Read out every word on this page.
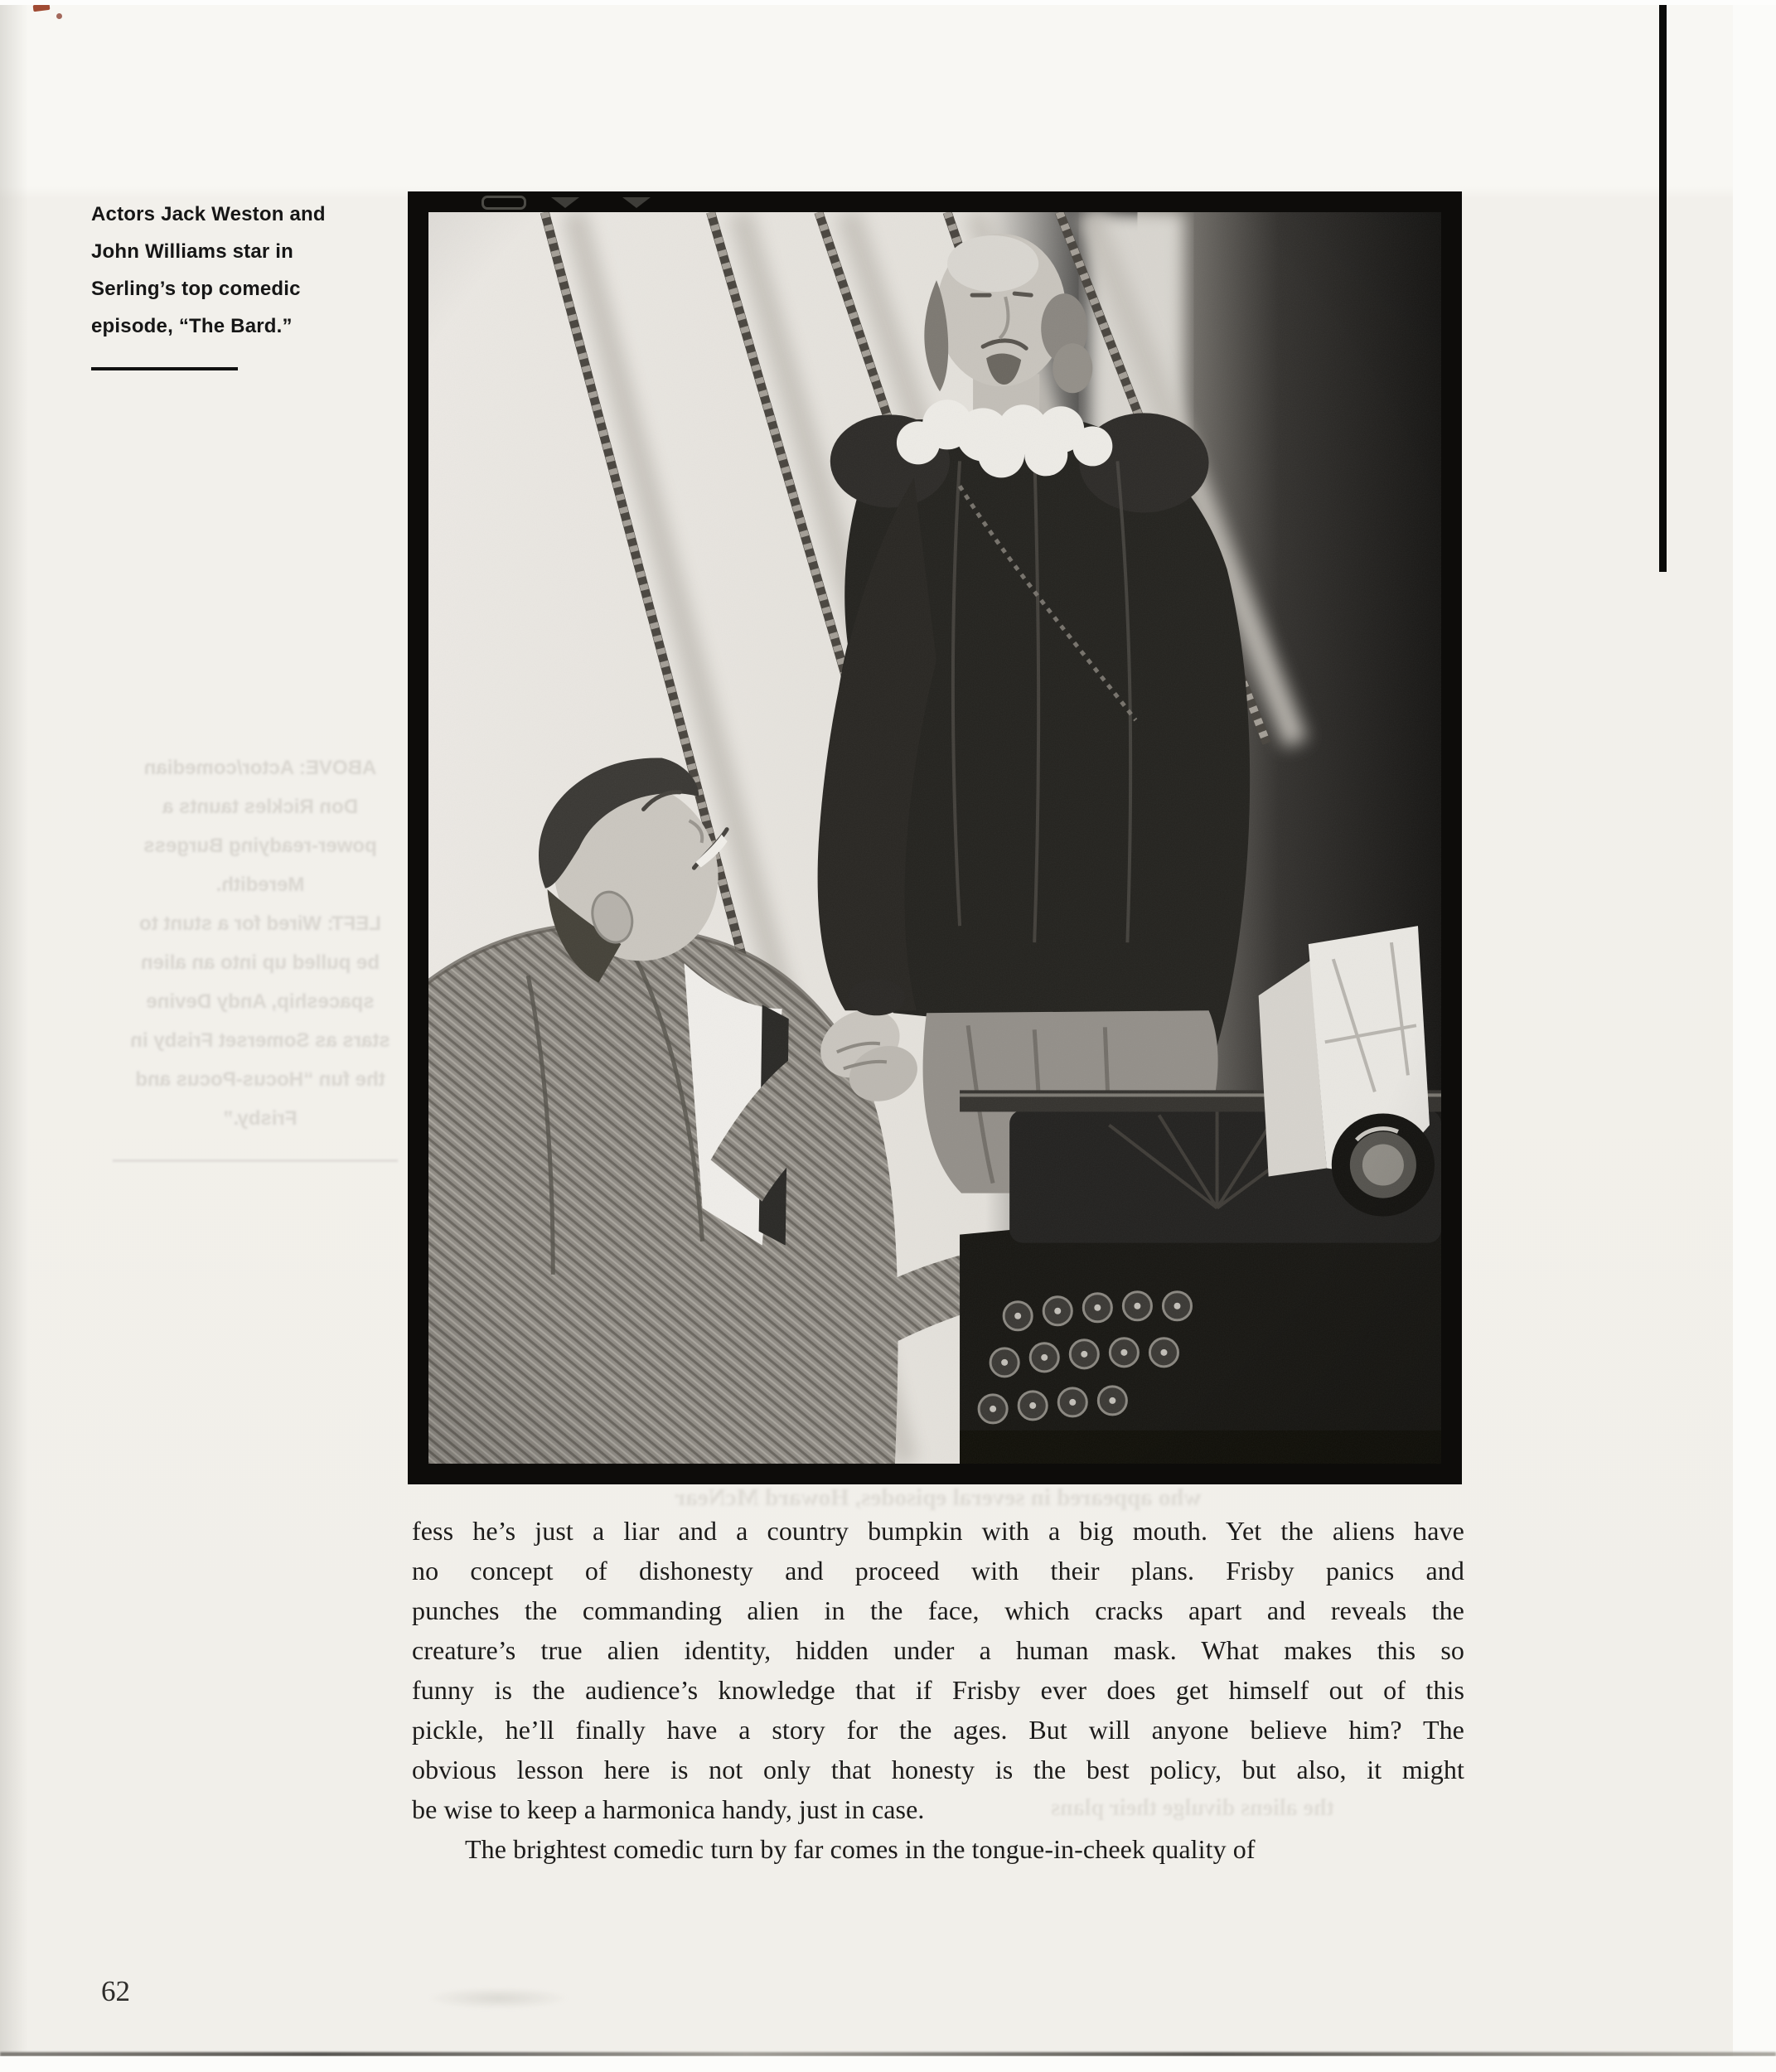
Actors Jack Weston and
John Williams star in
Serling’s top comedic
episode, “The Bard.”
ABOVE: Actor/comedian
Don Rickles taunts a
power-readying Burgess
Meredith.
LEFT: Wired for a stunt to
be pulled up into an alien
spaceship, Andy Devine
stars as Somerset Frisby in
the fun “Hocus-Pocus and
Frisby.”
who appeared in several episodes, Howard McNear
fess he’s just a liar and a country bumpkin with a big mouth. Yet the aliens have
no concept of dishonesty and proceed with their plans. Frisby panics and
punches the commanding alien in the face, which cracks apart and reveals the
creature’s true alien identity, hidden under a human mask. What makes this so
funny is the audience’s knowledge that if Frisby ever does get himself out of this
pickle, he’ll finally have a story for the ages. But will anyone believe him? The
obvious lesson here is not only that honesty is the best policy, but also, it might
be wise to keep a harmonica handy, just in case.
The brightest comedic turn by far comes in the tongue-in-cheek quality of
the aliens divulge their plans
62
